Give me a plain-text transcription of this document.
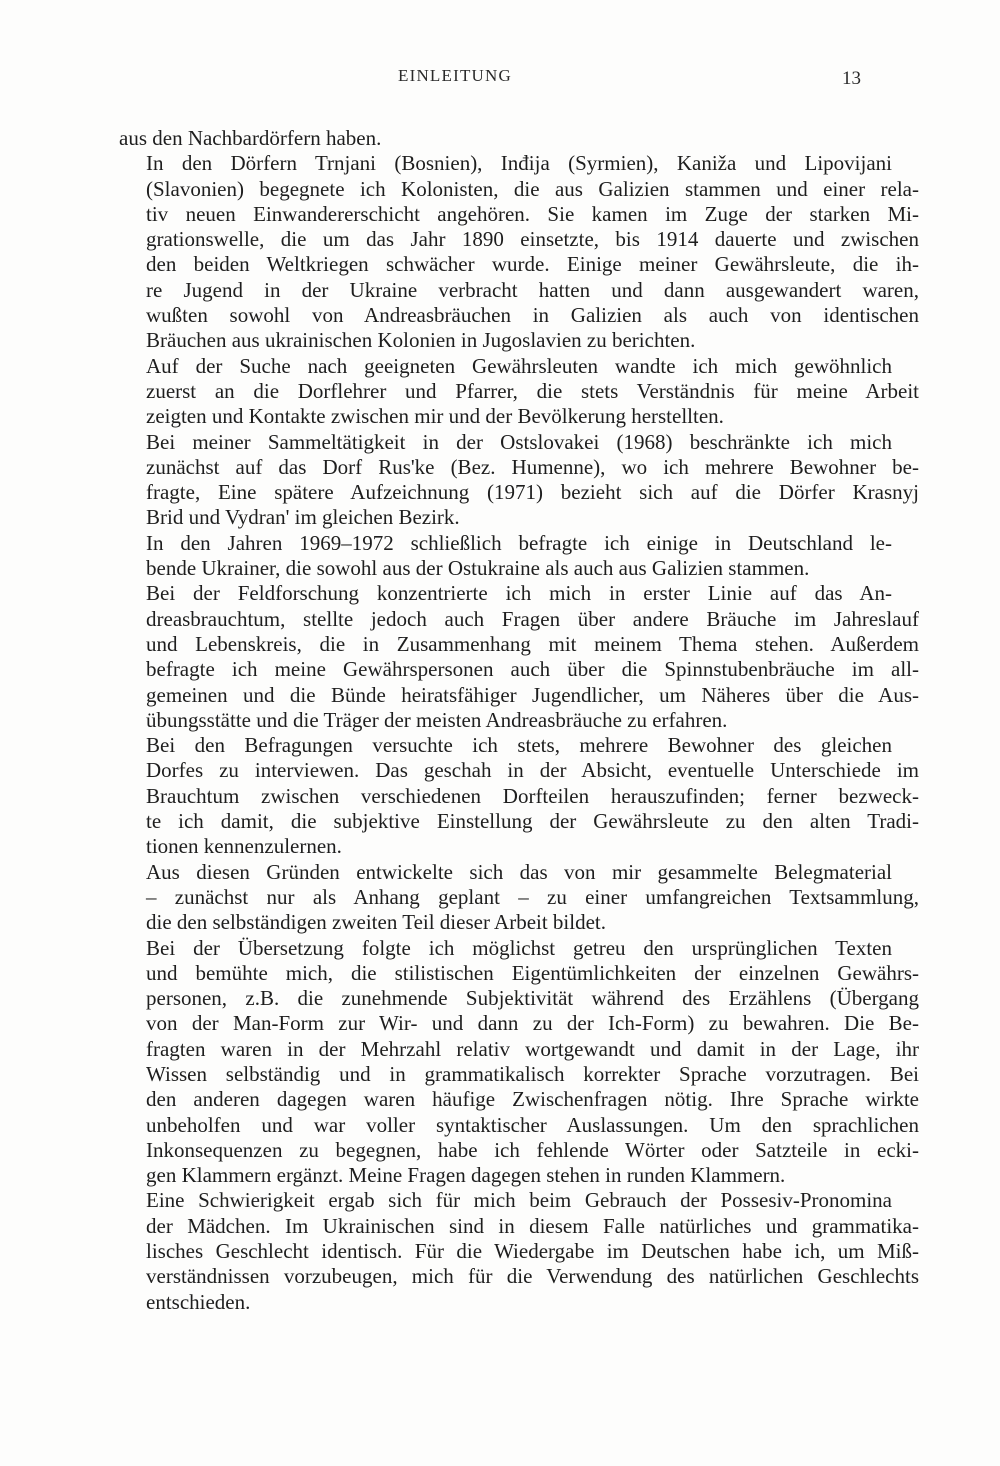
EINLEITUNG	13

aus den Nachbardörfern haben.

In den Dörfern Trnjani (Bosnien), Inđija (Syrmien), Kaniža und Lipovijani
(Slavonien) begegnete ich Kolonisten, die aus Galizien stammen und einer rela-
tiv neuen Einwandererschicht angehören. Sie kamen im Zuge der starken Mi-
grationswelle, die um das Jahr 1890 einsetzte, bis 1914 dauerte und zwischen
den beiden Weltkriegen schwächer wurde. Einige meiner Gewährsleute, die ih-
re Jugend in der Ukraine verbracht hatten und dann ausgewandert waren,
wußten sowohl von Andreasbräuchen in Galizien als auch von identischen
Bräuchen aus ukrainischen Kolonien in Jugoslavien zu berichten.

Auf der Suche nach geeigneten Gewährsleuten wandte ich mich gewöhnlich
zuerst an die Dorflehrer und Pfarrer, die stets Verständnis für meine Arbeit
zeigten und Kontakte zwischen mir und der Bevölkerung herstellten.

Bei meiner Sammeltätigkeit in der Ostslovakei (1968) beschränkte ich mich
zunächst auf das Dorf Rus'ke (Bez. Humenne), wo ich mehrere Bewohner be-
fragte, Eine spätere Aufzeichnung (1971) bezieht sich auf die Dörfer Krasnyj
Brid und Vydran' im gleichen Bezirk.

In den Jahren 1969–1972 schließlich befragte ich einige in Deutschland le-
bende Ukrainer, die sowohl aus der Ostukraine als auch aus Galizien stammen.

Bei der Feldforschung konzentrierte ich mich in erster Linie auf das An-
dreasbrauchtum, stellte jedoch auch Fragen über andere Bräuche im Jahreslauf
und Lebenskreis, die in Zusammenhang mit meinem Thema stehen. Außerdem
befragte ich meine Gewährspersonen auch über die Spinnstubenbräuche im all-
gemeinen und die Bünde heiratsfähiger Jugendlicher, um Näheres über die Aus-
übungsstätte und die Träger der meisten Andreasbräuche zu erfahren.

Bei den Befragungen versuchte ich stets, mehrere Bewohner des gleichen
Dorfes zu interviewen. Das geschah in der Absicht, eventuelle Unterschiede im
Brauchtum zwischen verschiedenen Dorfteilen herauszufinden; ferner bezweck-
te ich damit, die subjektive Einstellung der Gewährsleute zu den alten Tradi-
tionen kennenzulernen.

Aus diesen Gründen entwickelte sich das von mir gesammelte Belegmaterial
– zunächst nur als Anhang geplant – zu einer umfangreichen Textsammlung,
die den selbständigen zweiten Teil dieser Arbeit bildet.

Bei der Übersetzung folgte ich möglichst getreu den ursprünglichen Texten
und bemühte mich, die stilistischen Eigentümlichkeiten der einzelnen Gewährs-
personen, z.B. die zunehmende Subjektivität während des Erzählens (Übergang
von der Man-Form zur Wir- und dann zu der Ich-Form) zu bewahren. Die Be-
fragten waren in der Mehrzahl relativ wortgewandt und damit in der Lage, ihr
Wissen selbständig und in grammatikalisch korrekter Sprache vorzutragen. Bei
den anderen dagegen waren häufige Zwischenfragen nötig. Ihre Sprache wirkte
unbeholfen und war voller syntaktischer Auslassungen. Um den sprachlichen
Inkonsequenzen zu begegnen, habe ich fehlende Wörter oder Satzteile in ecki-
gen Klammern ergänzt. Meine Fragen dagegen stehen in runden Klammern.

Eine Schwierigkeit ergab sich für mich beim Gebrauch der Possesiv-Pronomina
der Mädchen. Im Ukrainischen sind in diesem Falle natürliches und grammatika-
lisches Geschlecht identisch. Für die Wiedergabe im Deutschen habe ich, um Miß-
verständnissen vorzubeugen, mich für die Verwendung des natürlichen Geschlechts
entschieden.
